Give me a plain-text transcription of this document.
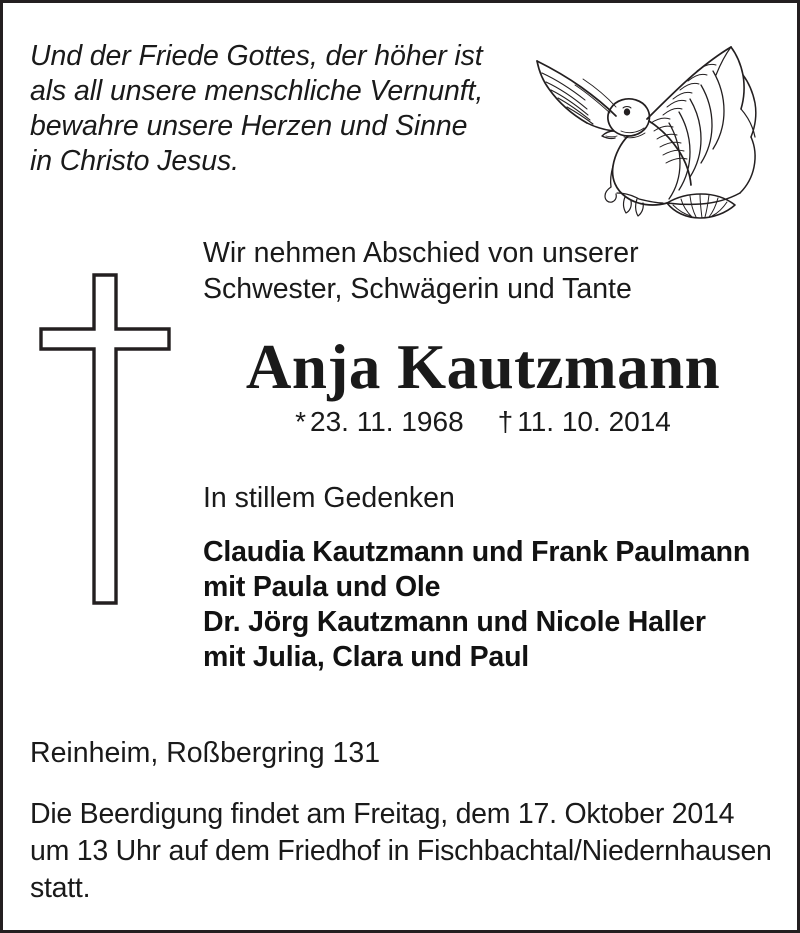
Und der Friede Gottes, der höher ist
als all unsere menschliche Vernunft,
bewahre unsere Herzen und Sinne
in Christo Jesus.
Wir nehmen Abschied von unserer
Schwester, Schwägerin und Tante
Anja Kautzmann
* 23. 11. 1968 † 11. 10. 2014
In stillem Gedenken
Claudia Kautzmann und Frank Paulmann
mit Paula und Ole
Dr. Jörg Kautzmann und Nicole Haller
mit Julia, Clara und Paul
Reinheim, Roßbergring 131
Die Beerdigung findet am Freitag, dem 17. Oktober 2014
um 13 Uhr auf dem Friedhof in Fischbachtal/Niedernhausen
statt.
